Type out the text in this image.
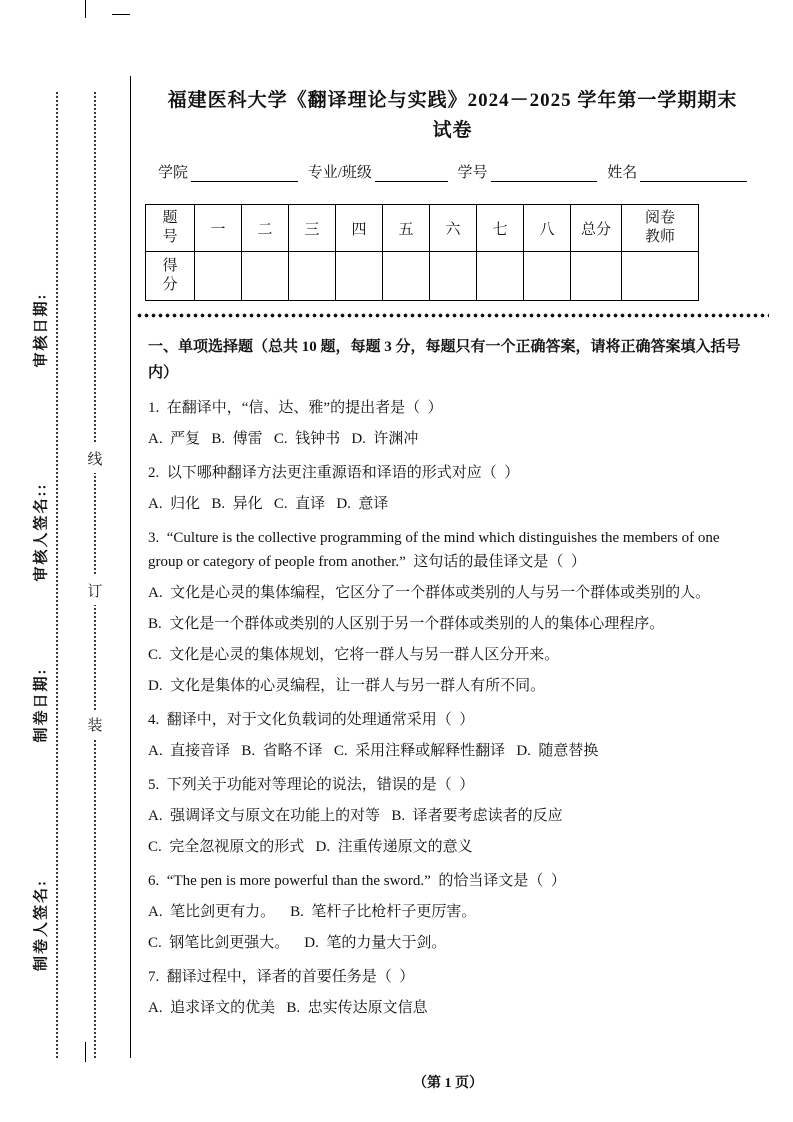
审核日期:
审核人签名::
制卷日期:
制卷人签名:
线
订
装
福建医科大学《翻译理论与实践》2024－2025 学年第一学期期末
试卷
学院	专业/班级	学号	姓名
题号	一	二	三	四	五	六	七	八	总分	阅卷教师
得分										
一、单项选择题（总共 10 题，每题 3 分，每题只有一个正确答案，请将正确答案填入括号内）

1.  在翻译中，“信、达、雅”的提出者是（  ）

A.  严复   B.  傅雷   C.  钱钟书   D.  许渊冲

2.  以下哪种翻译方法更注重源语和译语的形式对应（  ）

A.  归化   B.  异化   C.  直译   D.  意译

3.  “Culture is the collective programming of the mind which distinguishes the members of one group or category of people from another.”  这句话的最佳译文是（  ）

A.  文化是心灵的集体编程，它区分了一个群体或类别的人与另一个群体或类别的人。

B.  文化是一个群体或类别的人区别于另一个群体或类别的人的集体心理程序。

C.  文化是心灵的集体规划，它将一群人与另一群人区分开来。

D.  文化是集体的心灵编程，让一群人与另一群人有所不同。

4.  翻译中，对于文化负载词的处理通常采用（  ）

A.  直接音译   B.  省略不译   C.  采用注释或解释性翻译   D.  随意替换

5.  下列关于功能对等理论的说法，错误的是（  ）

A.  强调译文与原文在功能上的对等   B.  译者要考虑读者的反应

C.  完全忽视原文的形式   D.  注重传递原文的意义

6.  “The pen is more powerful than the sword.”  的恰当译文是（  ）

A.  笔比剑更有力。    B.  笔杆子比枪杆子更厉害。

C.  钢笔比剑更强大。    D.  笔的力量大于剑。

7.  翻译过程中，译者的首要任务是（  ）

A.  追求译文的优美   B.  忠实传达原文信息

（第 1 页）
